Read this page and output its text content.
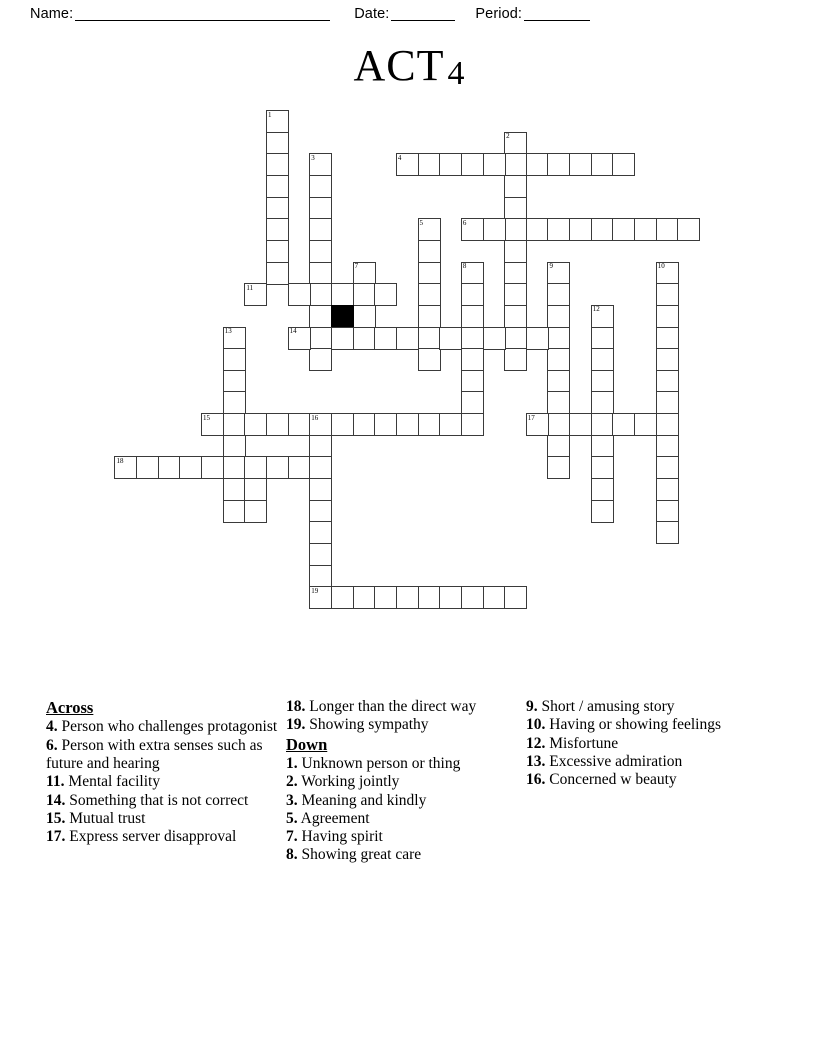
Name:	Date:	Period:
ACT4
1
2
3	4
5	6
7	8	9	10
11
12
13	14
15	16	17
18
19
Across
4. Person who challenges protagonist
6. Person with extra senses such as future and hearing
11. Mental facility
14. Something that is not correct
15. Mutual trust
17. Express server disapproval
18. Longer than the direct way
19. Showing sympathy
Down
1. Unknown person or thing
2. Working jointly
3. Meaning and kindly
5. Agreement
7. Having spirit
8. Showing great care
9. Short / amusing story
10. Having or showing feelings
12. Misfortune
13. Excessive admiration
16. Concerned w beauty
